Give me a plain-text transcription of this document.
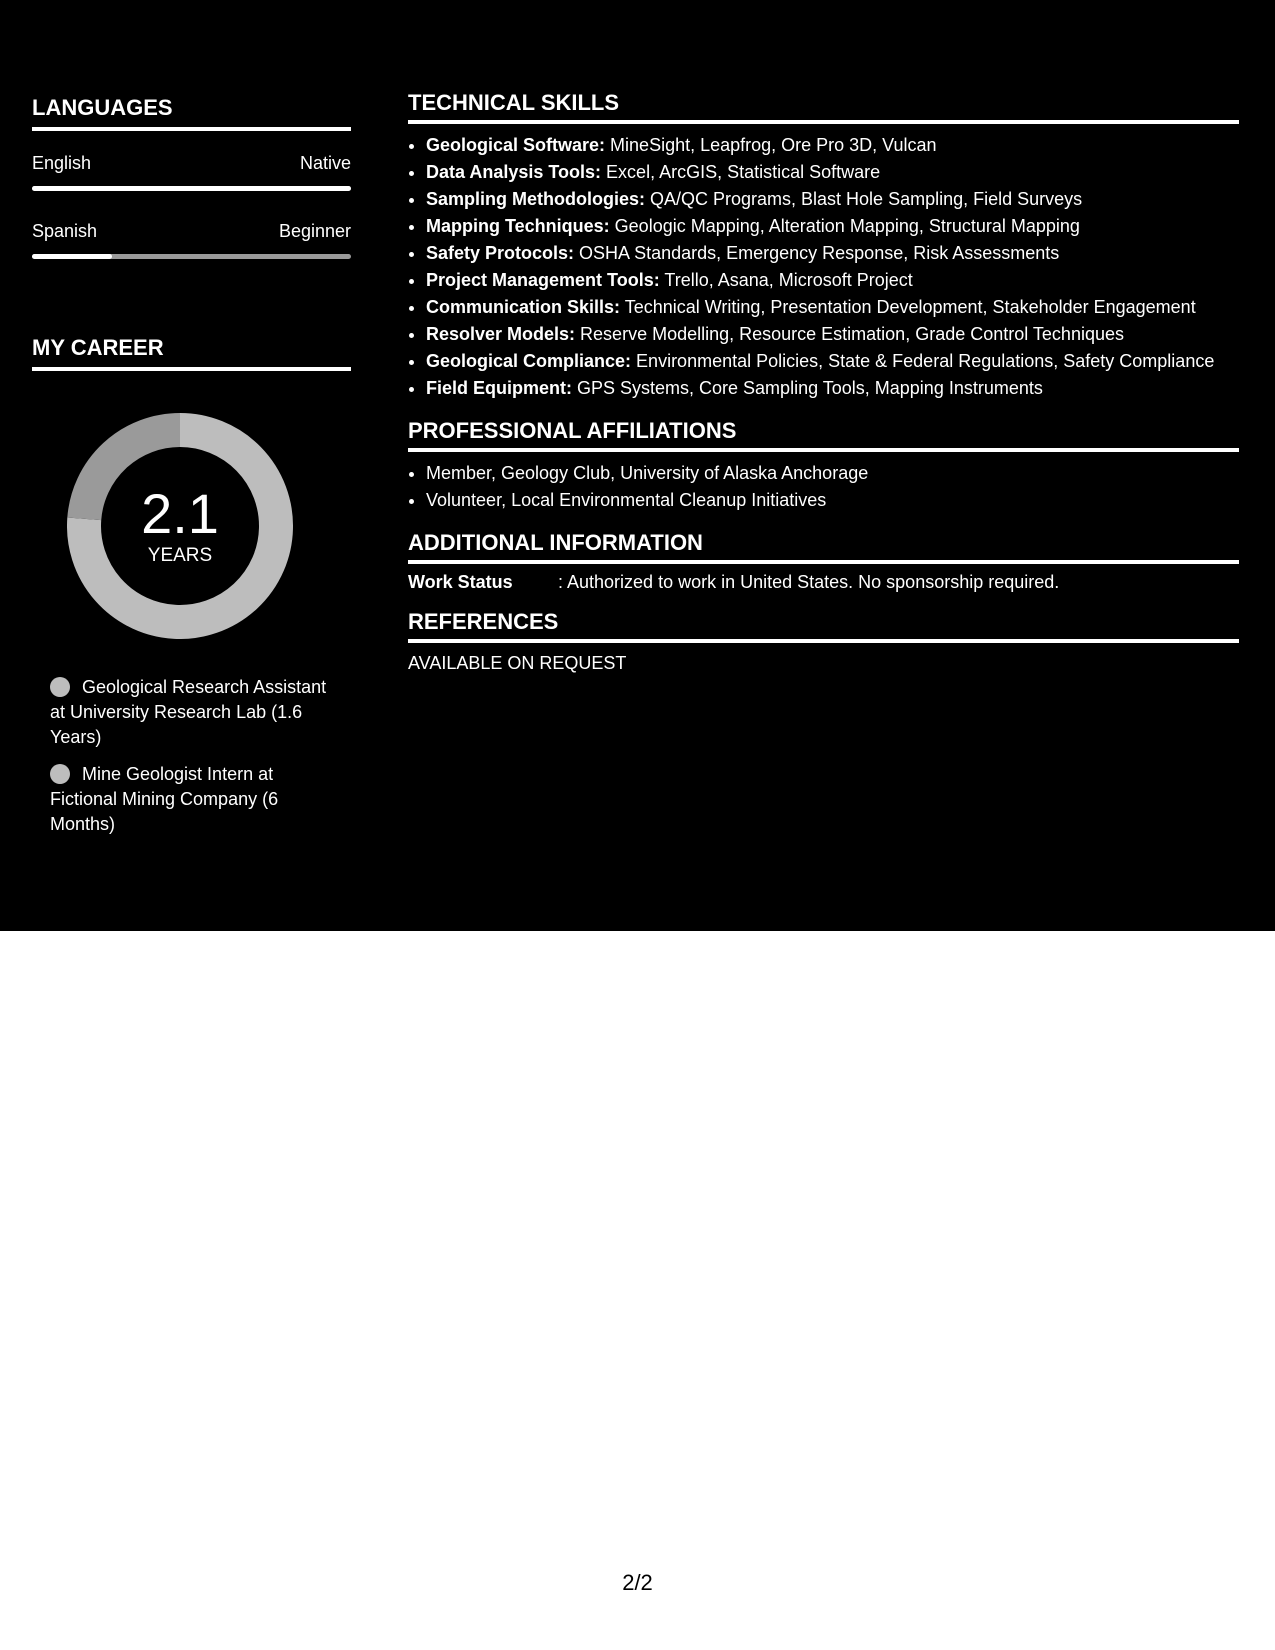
LANGUAGES
English	Native
Spanish	Beginner
MY CAREER
2.1
YEARS
Geological Research Assistant at University Research Lab (1.6 Years)
Mine Geologist Intern at Fictional Mining Company (6 Months)
TECHNICAL SKILLS
• Geological Software: MineSight, Leapfrog, Ore Pro 3D, Vulcan
• Data Analysis Tools: Excel, ArcGIS, Statistical Software
• Sampling Methodologies: QA/QC Programs, Blast Hole Sampling, Field Surveys
• Mapping Techniques: Geologic Mapping, Alteration Mapping, Structural Mapping
• Safety Protocols: OSHA Standards, Emergency Response, Risk Assessments
• Project Management Tools: Trello, Asana, Microsoft Project
• Communication Skills: Technical Writing, Presentation Development, Stakeholder Engagement
• Resolver Models: Reserve Modelling, Resource Estimation, Grade Control Techniques
• Geological Compliance: Environmental Policies, State & Federal Regulations, Safety Compliance
• Field Equipment: GPS Systems, Core Sampling Tools, Mapping Instruments
PROFESSIONAL AFFILIATIONS
• Member, Geology Club, University of Alaska Anchorage
• Volunteer, Local Environmental Cleanup Initiatives
ADDITIONAL INFORMATION
Work Status	: Authorized to work in United States. No sponsorship required.
REFERENCES
AVAILABLE ON REQUEST
2/2
